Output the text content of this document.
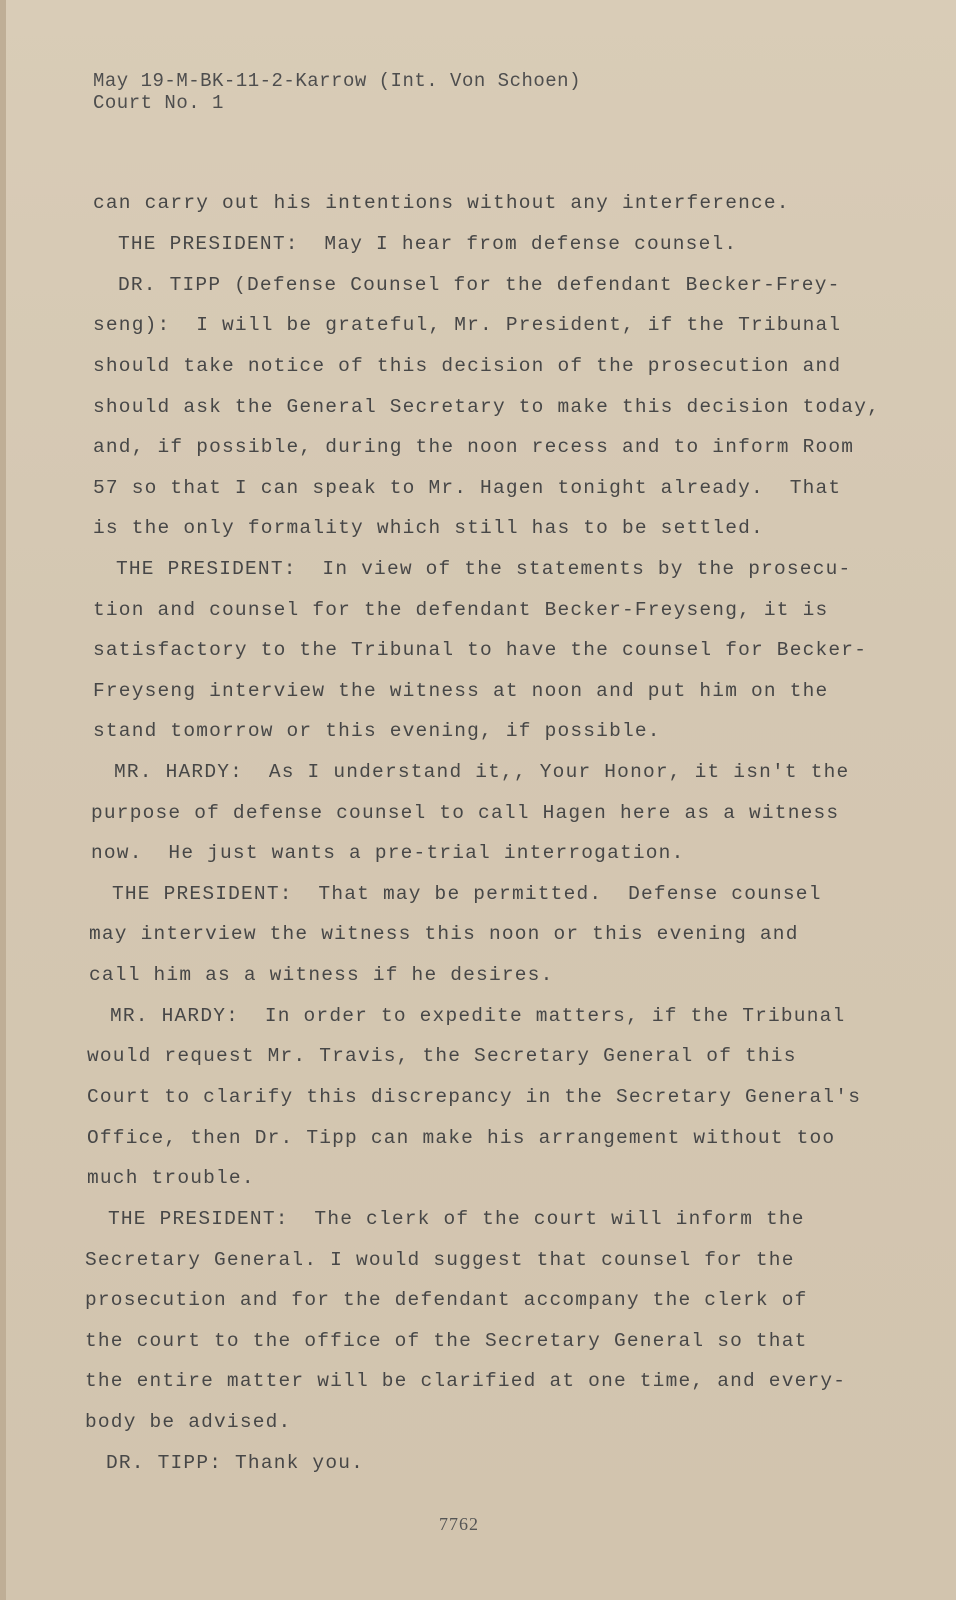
May 19-M-BK-11-2-Karrow (Int. Von Schoen)
Court No. 1
can carry out his intentions without any interference.
THE PRESIDENT:  May I hear from defense counsel.
DR. TIPP (Defense Counsel for the defendant Becker-Frey-
seng):  I will be grateful, Mr. President, if the Tribunal
should take notice of this decision of the prosecution and
should ask the General Secretary to make this decision today,
and, if possible, during the noon recess and to inform Room
57 so that I can speak to Mr. Hagen tonight already.  That
is the only formality which still has to be settled.
THE PRESIDENT:  In view of the statements by the prosecu-
tion and counsel for the defendant Becker-Freyseng, it is
satisfactory to the Tribunal to have the counsel for Becker-
Freyseng interview the witness at noon and put him on the
stand tomorrow or this evening, if possible.
MR. HARDY:  As I understand it,, Your Honor, it isn't the
purpose of defense counsel to call Hagen here as a witness
now.  He just wants a pre-trial interrogation.
THE PRESIDENT:  That may be permitted.  Defense counsel
may interview the witness this noon or this evening and
call him as a witness if he desires.
MR. HARDY:  In order to expedite matters, if the Tribunal
would request Mr. Travis, the Secretary General of this
Court to clarify this discrepancy in the Secretary General's
Office, then Dr. Tipp can make his arrangement without too
much trouble.
THE PRESIDENT:  The clerk of the court will inform the
Secretary General. I would suggest that counsel for the
prosecution and for the defendant accompany the clerk of
the court to the office of the Secretary General so that
the entire matter will be clarified at one time, and every-
body be advised.
DR. TIPP: Thank you.
7762
